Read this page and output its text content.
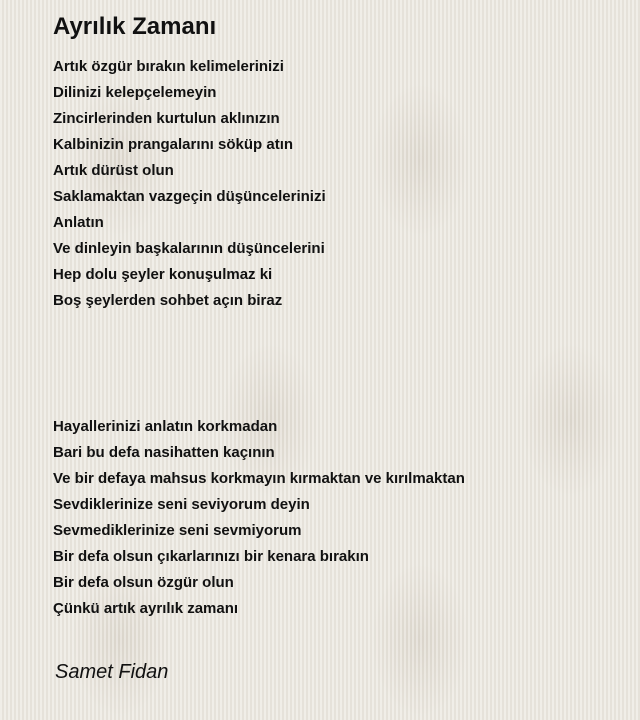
Ayrılık Zamanı
Artık özgür bırakın kelimelerinizi
Dilinizi kelepçelemeyin
Zincirlerinden kurtulun aklınızın
Kalbinizin prangalarını söküp atın
Artık dürüst olun
Saklamaktan vazgeçin düşüncelerinizi
Anlatın
Ve dinleyin başkalarının düşüncelerini
Hep dolu şeyler konuşulmaz ki
Boş şeylerden sohbet açın biraz
Hayallerinizi anlatın korkmadan
Bari bu defa nasihatten kaçının
Ve bir defaya mahsus korkmayın kırmaktan ve kırılmaktan
Sevdiklerinize seni seviyorum deyin
Sevmediklerinize seni sevmiyorum
Bir defa olsun çıkarlarınızı bir kenara bırakın
Bir defa olsun özgür olun
Çünkü artık ayrılık zamanı
Samet Fidan
